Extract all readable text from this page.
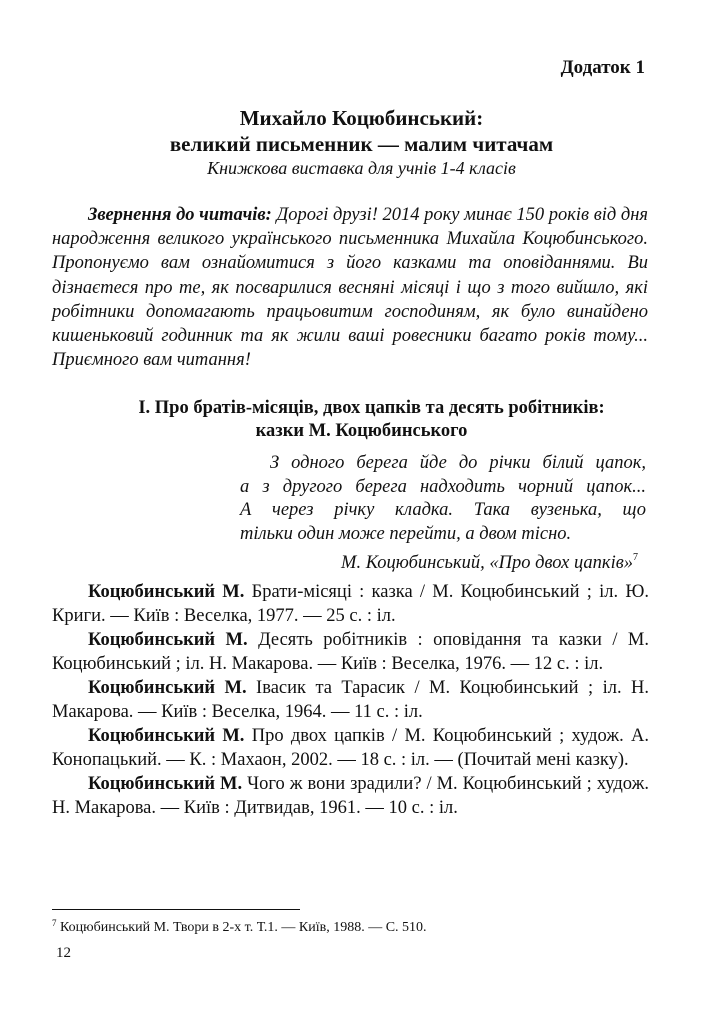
Додаток 1
Михайло Коцюбинський:
великий письменник — малим читачам
Книжкова виставка для учнів 1-4 класів

Звернення до читачів: Дорогі друзі! 2014 року минає 150 років від дня народження великого українського письменника Михайла Коцюбинського. Пропонуємо вам ознайомитися з його казками та оповіданнями. Ви дізнаєтеся про те, як посварилися весняні місяці і що з того вийшло, які робітники допомагають працьовитим господиням, як було винайдено кишеньковий годинник та як жили ваші ровесники багато років тому... Приємного вам читання!

І. Про братів-місяців, двох цапків та десять робітників:
казки М. Коцюбинського
З одного берега йде до річки білий цапок,
а з другого берега надходить чорний цапок...
А через річку кладка. Така вузенька, що
тільки один може перейти, а двом тісно.
М. Коцюбинський, «Про двох цапків»$^7$

Коцюбинський М. Брати-місяці : казка / М. Коцюбинський ; іл. Ю. Криги. — Київ : Веселка, 1977. — 25 с. : іл.

Коцюбинський М. Десять робітників : оповідання та казки / М. Коцюбинський ; іл. Н. Макарова. — Київ : Веселка, 1976. — 12 с. : іл.

Коцюбинський М. Івасик та Тарасик / М. Коцюбинський ; іл. Н. Макарова. — Київ : Веселка, 1964. — 11 с. : іл.

Коцюбинський М. Про двох цапків / М. Коцюбинський ; худож. А. Конопацький. — К. : Махаон, 2002. — 18 с. : іл. — (Почитай мені казку).

Коцюбинський М. Чого ж вони зрадили? / М. Коцюбинський ; худож. Н. Макарова. — Київ : Дитвидав, 1961. — 10 с. : іл.

$^7$ Коцюбинський М. Твори в 2-х т. Т.1. — Київ, 1988. — С. 510.
12
